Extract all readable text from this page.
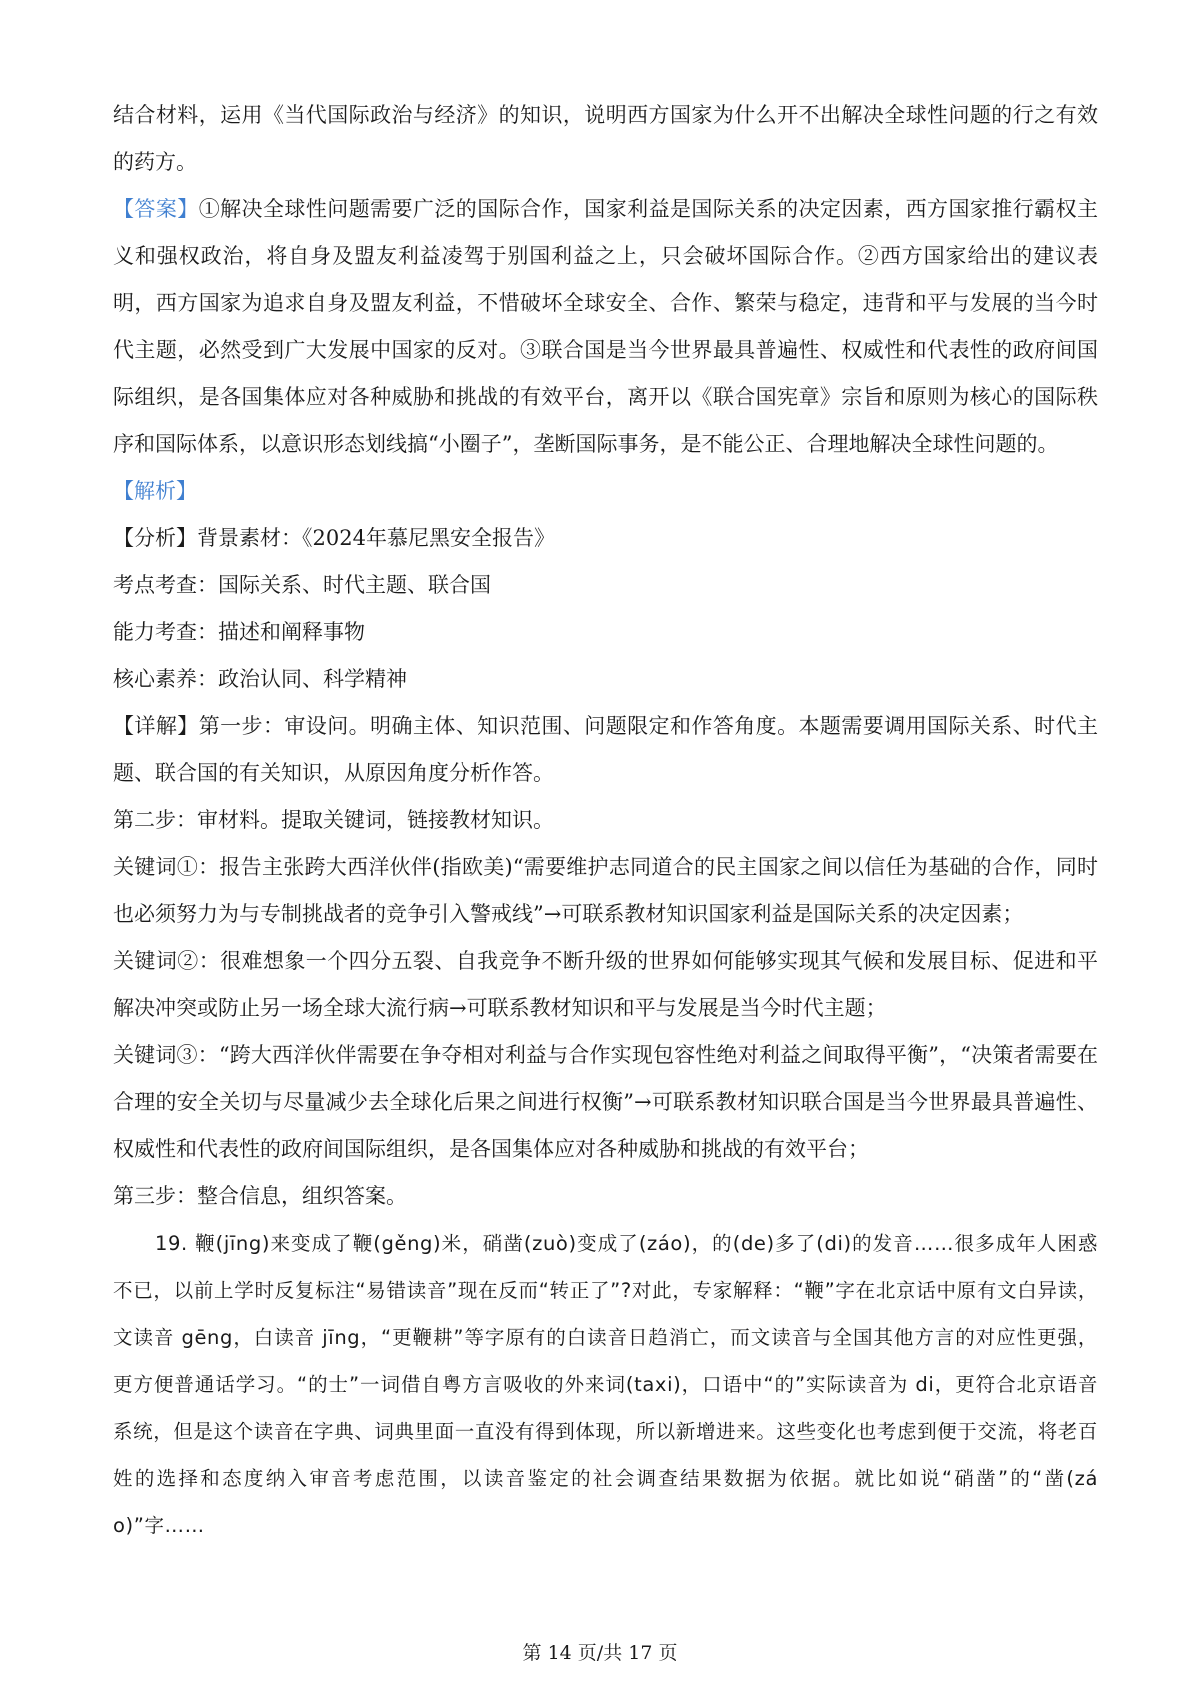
结合材料，运用《当代国际政治与经济》的知识，说明西方国家为什么开不出解决全球性问题的行之有效的药方。

【答案】①解决全球性问题需要广泛的国际合作，国家利益是国际关系的决定因素，西方国家推行霸权主义和强权政治，将自身及盟友利益凌驾于别国利益之上，只会破坏国际合作。②西方国家给出的建议表明，西方国家为追求自身及盟友利益，不惜破坏全球安全、合作、繁荣与稳定，违背和平与发展的当今时代主题，必然受到广大发展中国家的反对。③联合国是当今世界最具普遍性、权威性和代表性的政府间国际组织，是各国集体应对各种威胁和挑战的有效平台，离开以《联合国宪章》宗旨和原则为核心的国际秩序和国际体系，以意识形态划线搞“小圈子”，垄断国际事务，是不能公正、合理地解决全球性问题的。

【解析】

【分析】背景素材：《2024年慕尼黑安全报告》

考点考查：国际关系、时代主题、联合国

能力考查：描述和阐释事物

核心素养：政治认同、科学精神

【详解】第一步：审设问。明确主体、知识范围、问题限定和作答角度。本题需要调用国际关系、时代主题、联合国的有关知识，从原因角度分析作答。

第二步：审材料。提取关键词，链接教材知识。

关键词①：报告主张跨大西洋伙伴(指欧美)“需要维护志同道合的民主国家之间以信任为基础的合作，同时也必须努力为与专制挑战者的竞争引入警戒线”→可联系教材知识国家利益是国际关系的决定因素；

关键词②：很难想象一个四分五裂、自我竞争不断升级的世界如何能够实现其气候和发展目标、促进和平解决冲突或防止另一场全球大流行病→可联系教材知识和平与发展是当今时代主题；

关键词③：“跨大西洋伙伴需要在争夺相对利益与合作实现包容性绝对利益之间取得平衡”，“决策者需要在合理的安全关切与尽量减少去全球化后果之间进行权衡”→可联系教材知识联合国是当今世界最具普遍性、权威性和代表性的政府间国际组织，是各国集体应对各种威胁和挑战的有效平台；

第三步：整合信息，组织答案。

19. 鞭(jīng)来变成了鞭(gěng)米，硝凿(zuò)变成了(záo)，的(de)多了(di)的发音……很多成年人困惑不已，以前上学时反复标注“易错读音”现在反而“转正了”?对此，专家解释：“鞭”字在北京话中原有文白异读，文读音 gēng，白读音 jīng，“更鞭耕”等字原有的白读音日趋消亡，而文读音与全国其他方言的对应性更强，更方便普通话学习。“的士”一词借自粤方言吸收的外来词(taxi)，口语中“的”实际读音为 di，更符合北京语音系统，但是这个读音在字典、词典里面一直没有得到体现，所以新增进来。这些变化也考虑到便于交流，将老百姓的选择和态度纳入审音考虑范围，以读音鉴定的社会调查结果数据为依据。就比如说“硝凿”的“凿(záo)”字……

第 14 页/共 17 页
